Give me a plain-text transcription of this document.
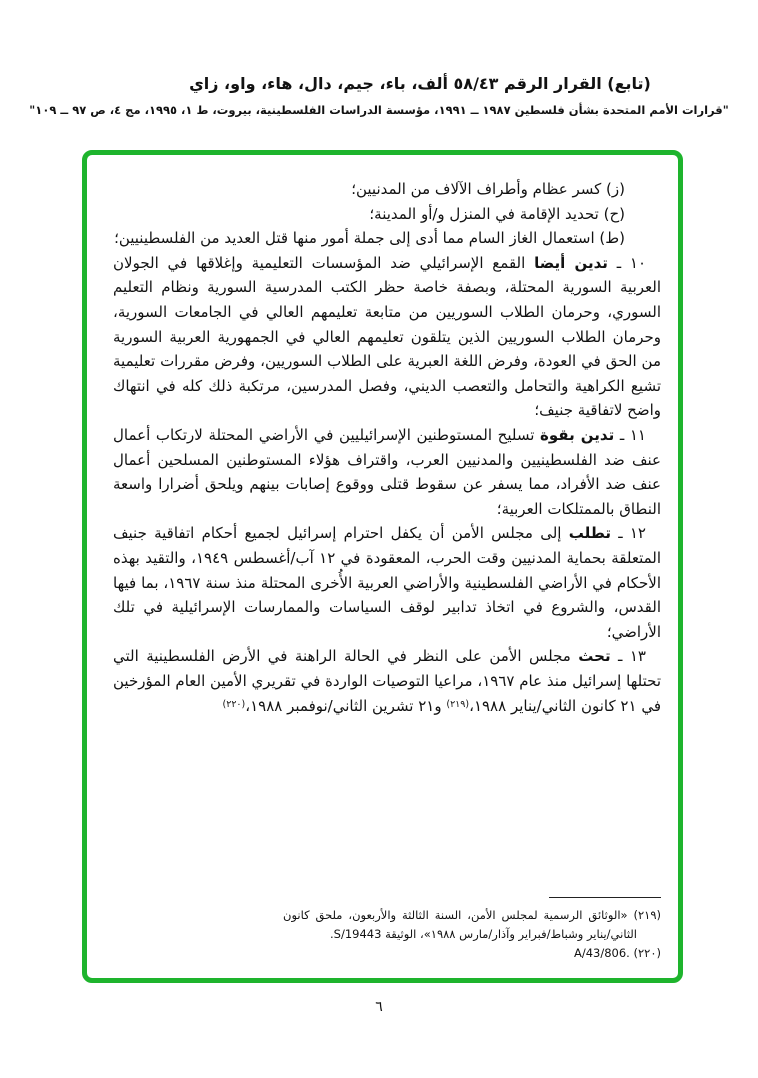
(تابع) القرار الرقم ٥٨/٤٣ ألف، باء، جيم، دال، هاء، واو، زاي
"قرارات الأمم المتحدة بشأن فلسطين ١٩٨٧ ــ ١٩٩١، مؤسسة الدراسات الفلسطينية، بيروت، ط ١، ١٩٩٥، مج ٤، ص ٩٧ ــ ١٠٩"
(ز) كسر عظام وأطراف الآلاف من المدنيين؛
(ح) تحديد الإقامة في المنزل و/أو المدينة؛
(ط) استعمال الغاز السام مما أدى إلى جملة أمور منها قتل العديد من الفلسطينيين؛
١٠ ـ تدين أيضا القمع الإسرائيلي ضد المؤسسات التعليمية وإغلاقها في الجولان العربية السورية المحتلة، وبصفة خاصة حظر الكتب المدرسية السورية ونظام التعليم السوري، وحرمان الطلاب السوريين من متابعة تعليمهم العالي في الجامعات السورية، وحرمان الطلاب السوريين الذين يتلقون تعليمهم العالي في الجمهورية العربية السورية من الحق في العودة، وفرض اللغة العبرية على الطلاب السوريين، وفرض مقررات تعليمية تشيع الكراهية والتحامل والتعصب الديني، وفصل المدرسين، مرتكبة ذلك كله في انتهاك واضح لاتفاقية جنيف؛
١١ ـ تدين بقوة تسليح المستوطنين الإسرائيليين في الأراضي المحتلة لارتكاب أعمال عنف ضد الفلسطينيين والمدنيين العرب، واقتراف هؤلاء المستوطنين المسلحين أعمال عنف ضد الأفراد، مما يسفر عن سقوط قتلى ووقوع إصابات بينهم ويلحق أضرارا واسعة النطاق بالممتلكات العربية؛
١٢ ـ تطلب إلى مجلس الأمن أن يكفل احترام إسرائيل لجميع أحكام اتفاقية جنيف المتعلقة بحماية المدنيين وقت الحرب، المعقودة في ١٢ آب/أغسطس ١٩٤٩، والتقيد بهذه الأحكام في الأراضي الفلسطينية والأراضي العربية الأُخرى المحتلة منذ سنة ١٩٦٧، بما فيها القدس، والشروع في اتخاذ تدابير لوقف السياسات والممارسات الإسرائيلية في تلك الأراضي؛
١٣ ـ تحث مجلس الأمن على النظر في الحالة الراهنة في الأرض الفلسطينية التي تحتلها إسرائيل منذ عام ١٩٦٧، مراعيا التوصيات الواردة في تقريري الأمين العام المؤرخين في ٢١ كانون الثاني/يناير ١٩٨٨،$^{(٢١٩)}$ و٢١ تشرين الثاني/نوفمبر ١٩٨٨،$^{(٢٢٠)}$
(٢١٩) «الوثائق الرسمية لمجلس الأمن، السنة الثالثة والأربعون، ملحق كانون الثاني/يناير وشباط/فبراير وآذار/مارس ١٩٨٨»، الوثيقة S/19443.
(٢٢٠) A/43/806.
٦
